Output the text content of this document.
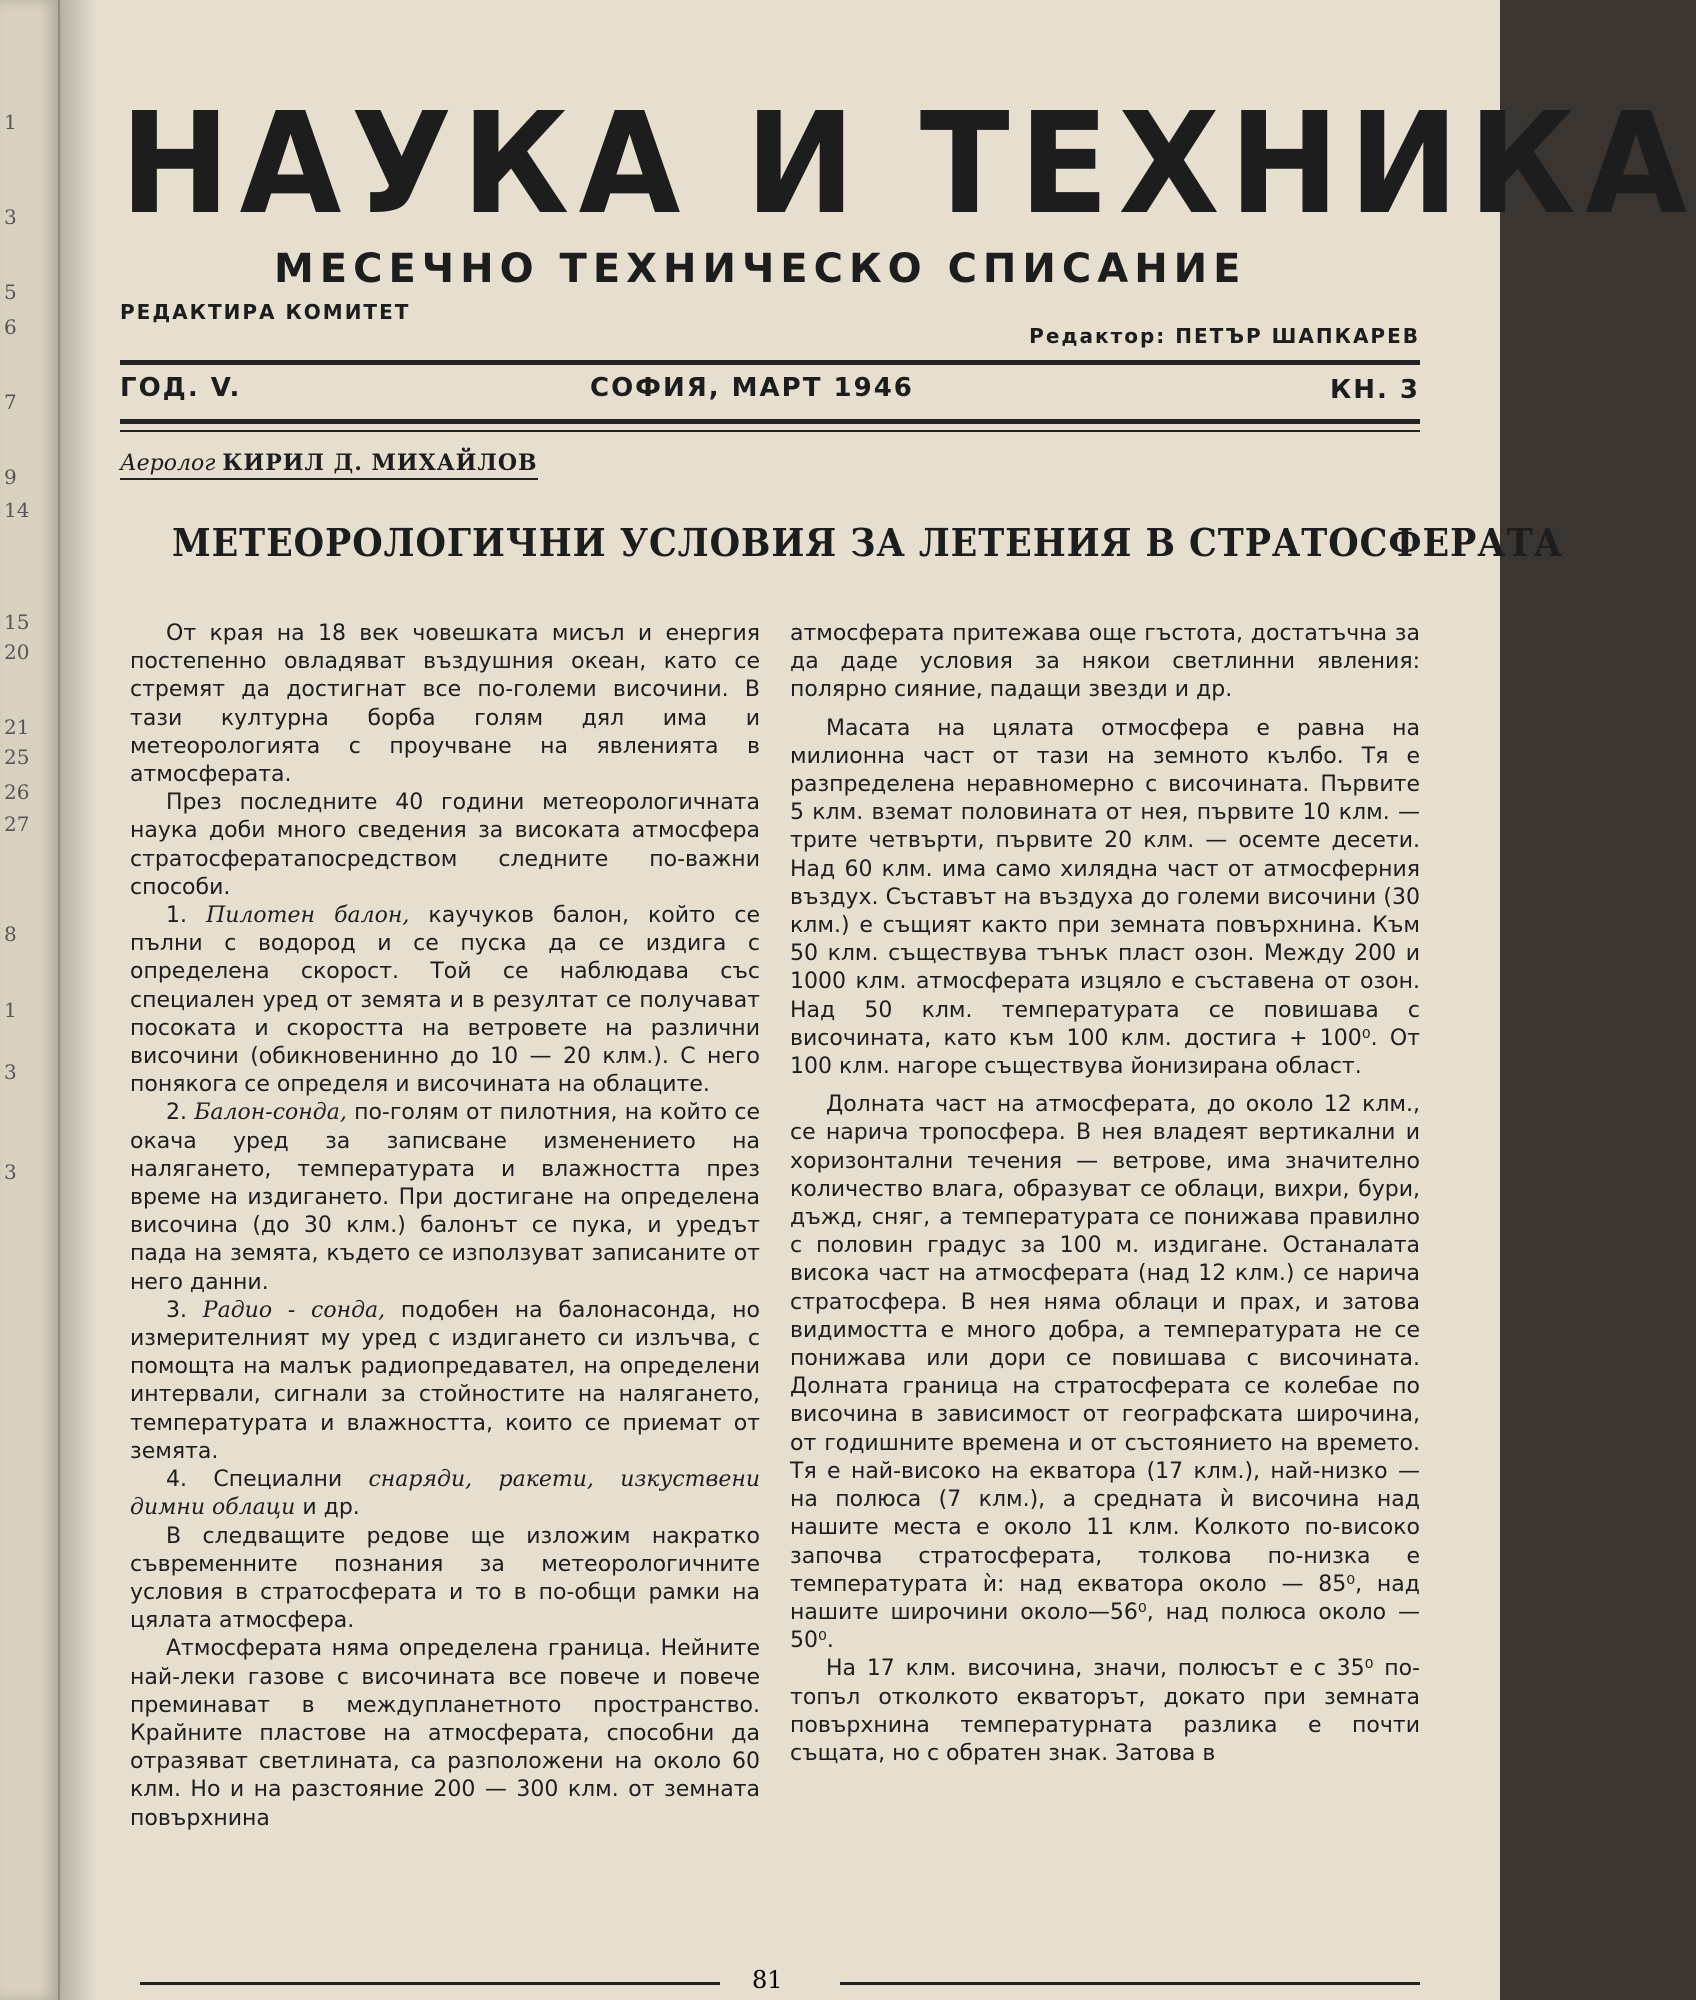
1
3
5
6
7
9
14
15
20
21
25
26
27
8
1
3
3
НАУКА И ТЕХНИКА
МЕСЕЧНО ТЕХНИЧЕСКО СПИСАНИЕ
РЕДАКТИРА КОМИТЕТ
Редактор: ПЕТЪР ШАПКАРЕВ
ГОД. V.	СОФИЯ, МАРТ 1946	КН. 3
Аеролог КИРИЛ Д. МИХАЙЛОВ
МЕТЕОРОЛОГИЧНИ УСЛОВИЯ ЗА ЛЕТЕНИЯ В СТРАТОСФЕРАТА

От края на 18 век човешката мисъл и енергия постепенно овладяват въздушния океан, като се стремят да достигнат все по-големи височини. В тази културна борба голям дял има и метеорологията с проучване на явленията в атмосферата.

През последните 40 години метеорологичната наука доби много сведения за високата атмосфера стратосфератапосредством следните по-важни способи.

1. Пилотен балон, каучуков балон, който се пълни с водород и се пуска да се издига с определена скорост. Той се наблюдава със специален уред от земята и в резултат се получават посоката и скоростта на ветровете на различни височини (обикновенинно до 10 — 20 клм.). С него понякога се определя и височината на облаците.

2. Балон-сонда, по-голям от пилотния, на който се окача уред за записване изменението на налягането, температурата и влажността през време на издигането. При достигане на определена височина (до 30 клм.) балонът се пука, и уредът пада на земята, където се използуват записаните от него данни.

3. Радио - сонда, подобен на балонасонда, но измерителният му уред с издигането си излъчва, с помощта на малък радиопредавател, на определени интервали, сигнали за стойностите на налягането, температурата и влажността, които се приемат от земята.

4. Специални снаряди, ракети, изкуствени димни облаци и др.

В следващите редове ще изложим накратко съвременните познания за метеорологичните условия в стратосферата и то в по-общи рамки на цялата атмосфера.

Атмосферата няма определена граница. Нейните най-леки газове с височината все повече и повече преминават в междупланетното пространство. Крайните пластове на атмосферата, способни да отразяват светлината, са разположени на около 60 клм. Но и на разстояние 200 — 300 клм. от земната повърхнина

атмосферата притежава още гъстота, достатъчна за да даде условия за някои светлинни явления: полярно сияние, падащи звезди и др.

Масата на цялата отмосфера е равна на милионна част от тази на земното кълбо. Тя е разпределена неравномерно с височината. Първите 5 клм. вземат половината от нея, първите 10 клм. — трите четвърти, първите 20 клм. — осемте десети. Над 60 клм. има само хилядна част от атмосферния въздух. Съставът на въздуха до големи височини (30 клм.) е същият както при земната повърхнина. Към 50 клм. съществува тънък пласт озон. Между 200 и 1000 клм. атмосферата изцяло е съставена от озон. Над 50 клм. температурата се повишава с височината, като към 100 клм. достига + 100⁰. От 100 клм. нагоре съществува йонизирана област.

Долната част на атмосферата, до около 12 клм., се нарича тропосфера. В нея владеят вертикални и хоризонтални течения — ветрове, има значително количество влага, образуват се облаци, вихри, бури, дъжд, сняг, а температурата се понижава правилно с половин градус за 100 м. издигане. Останалата висока част на атмосферата (над 12 клм.) се нарича стратосфера. В нея няма облаци и прах, и затова видимостта е много добра, а температурата не се понижава или дори се повишава с височината. Долната граница на стратосферата се колебае по височина в зависимост от географската широчина, от годишните времена и от състоянието на времето. Тя е най-високо на екватора (17 клм.), най-низко — на полюса (7 клм.), а средната ѝ височина над нашите места е около 11 клм. Колкото по-високо започва стратосферата, толкова по-низка е температурата ѝ: над екватора около — 85⁰, над нашите широчини около—56⁰, над полюса около — 50⁰.

На 17 клм. височина, значи, полюсът е с 35⁰ по-топъл отколкото екваторът, докато при земната повърхнина температурната разлика е почти същата, но с обратен знак. Затова в

81
